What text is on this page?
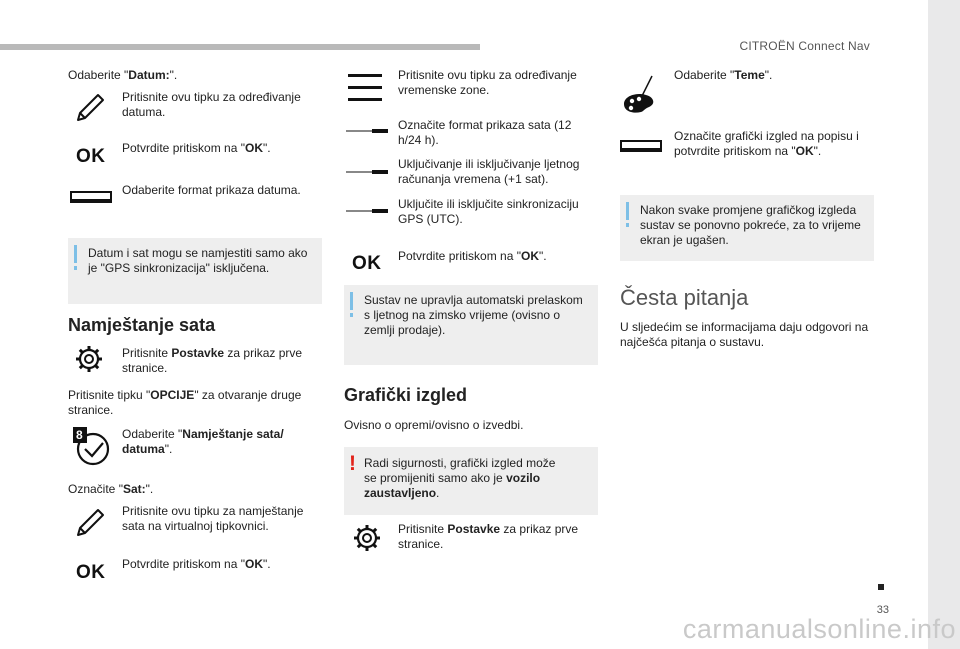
CITROËN Connect Nav
33
carmanualsonline.info
Odaberite "Datum:".
Pritisnite ovu tipku za određivanje datuma.
OK Potvrdite pritiskom na "OK".
Odaberite format prikaza datuma.
Datum i sat mogu se namjestiti samo ako je "GPS sinkronizacija" isključena.
Namještanje sata
Pritisnite Postavke za prikaz prve stranice.
Pritisnite tipku "OPCIJE" za otvaranje druge stranice.
8	Odaberite "Namještanje sata/ datuma".
Označite "Sat:".
Pritisnite ovu tipku za namještanje sata na virtualnoj tipkovnici.
OK Potvrdite pritiskom na "OK".
Pritisnite ovu tipku za određivanje vremenske zone.
Označite format prikaza sata (12 h/24 h).
Uključivanje ili isključivanje ljetnog računanja vremena (+1 sat).
Uključite ili isključite sinkronizaciju GPS (UTC).
OK Potvrdite pritiskom na "OK".
Sustav ne upravlja automatski prelaskom s ljetnog na zimsko vrijeme (ovisno o zemlji prodaje).
Grafički izgled
Ovisno o opremi/ovisno o izvedbi.
! Radi sigurnosti, grafički izgled može se promijeniti samo ako je vozilo zaustavljeno.
Pritisnite Postavke za prikaz prve stranice.
Odaberite "Teme".
Označite grafički izgled na popisu i potvrdite pritiskom na "OK".
Nakon svake promjene grafičkog izgleda sustav se ponovno pokreće, za to vrijeme ekran je ugašen.
Česta pitanja
U sljedećim se informacijama daju odgovori na najčešća pitanja o sustavu.
